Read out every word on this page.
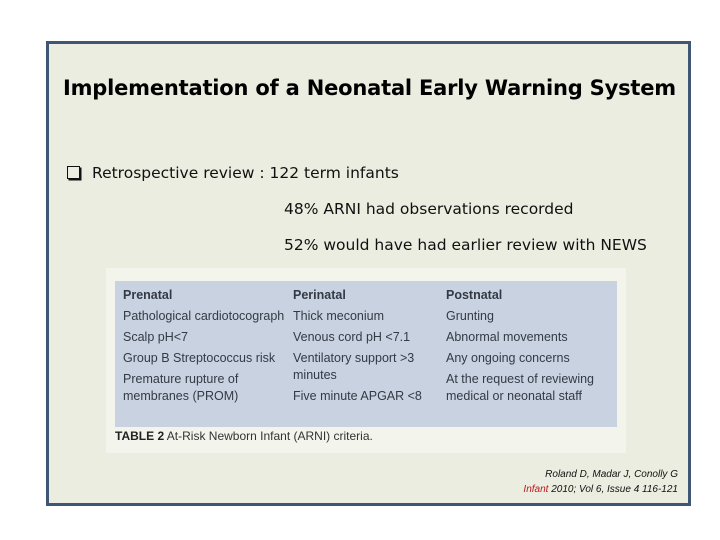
Implementation of a Neonatal Early Warning System
Retrospective review : 122 term infants
48% ARNI had observations recorded
52% would have had earlier review with NEWS
Prenatal
Pathological cardiotocograph
Scalp pH<7
Group B Streptococcus risk
Premature rupture of membranes (PROM)
Perinatal
Thick meconium
Venous cord pH <7.1
Ventilatory support >3 minutes
Five minute APGAR <8
Postnatal
Grunting
Abnormal movements
Any ongoing concerns
At the request of reviewing medical or neonatal staff
TABLE 2 At-Risk Newborn Infant (ARNI) criteria.
Roland D, Madar J, Conolly G
Infant 2010; Vol 6, Issue 4 116-121
